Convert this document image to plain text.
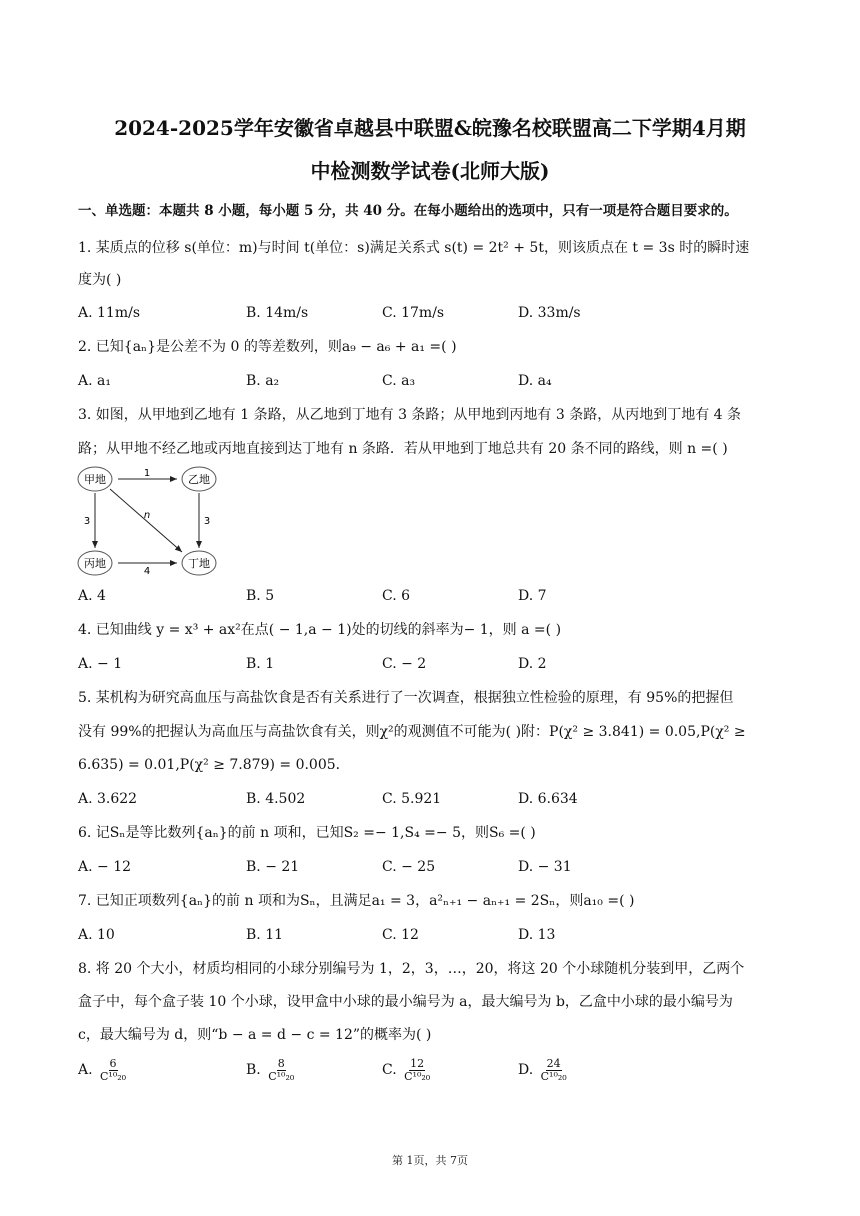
2024-2025学年安徽省卓越县中联盟&皖豫名校联盟高二下学期4月期
中检测数学试卷(北师大版)
一、单选题：本题共 8 小题，每小题 5 分，共 40 分。在每小题给出的选项中，只有一项是符合题目要求的。
1. 某质点的位移 s(单位：m)与时间 t(单位：s)满足关系式 s(t) = 2t² + 5t，则该质点在 t = 3s 时的瞬时速
度为( )
A. 11m/s	B. 14m/s	C. 17m/s	D. 33m/s
2. 已知{aₙ}是公差不为 0 的等差数列，则a₉ − a₆ + a₁ =( )
A. a₁	B. a₂	C. a₃	D. a₄
3. 如图，从甲地到乙地有 1 条路，从乙地到丁地有 3 条路；从甲地到丙地有 3 条路，从丙地到丁地有 4 条
路；从甲地不经乙地或丙地直接到达丁地有 n 条路．若从甲地到丁地总共有 20 条不同的路线，则 n =( )
甲地	乙地
丙地	丁地
1
3
3
4
n
A. 4	B. 5	C. 6	D. 7
4. 已知曲线 y = x³ + ax²在点( − 1,a − 1)处的切线的斜率为− 1，则 a =( )
A. − 1	B. 1	C. − 2	D. 2
5. 某机构为研究高血压与高盐饮食是否有关系进行了一次调查，根据独立性检验的原理，有 95%的把握但
没有 99%的把握认为高血压与高盐饮食有关，则χ²的观测值不可能为( )附：P(χ² ≥ 3.841) = 0.05,P(χ² ≥
6.635) = 0.01,P(χ² ≥ 7.879) = 0.005．
A. 3.622	B. 4.502	C. 5.921	D. 6.634
6. 记Sₙ是等比数列{aₙ}的前 n 项和，已知S₂ =− 1,S₄ =− 5，则S₆ =( )
A. − 12	B. − 21	C. − 25	D. − 31
7. 已知正项数列{aₙ}的前 n 项和为Sₙ，且满足a₁ = 3，a²ₙ₊₁ − aₙ₊₁ = 2Sₙ，则a₁₀ =( )
A. 10	B. 11	C. 12	D. 13
8. 将 20 个大小，材质均相同的小球分别编号为 1，2，3，…，20，将这 20 个小球随机分装到甲，乙两个
盒子中，每个盒子装 10 个小球，设甲盒中小球的最小编号为 a，最大编号为 b，乙盒中小球的最小编号为
c，最大编号为 d，则“b − a = d − c = 12”的概率为( )
A. $\frac{6}{\text{C¹⁰₂₀}}$	B. $\frac{8}{\text{C¹⁰₂₀}}$	C. $\frac{12}{\text{C¹⁰₂₀}}$	D. $\frac{24}{\text{C¹⁰₂₀}}$
第 1页，共 7页
